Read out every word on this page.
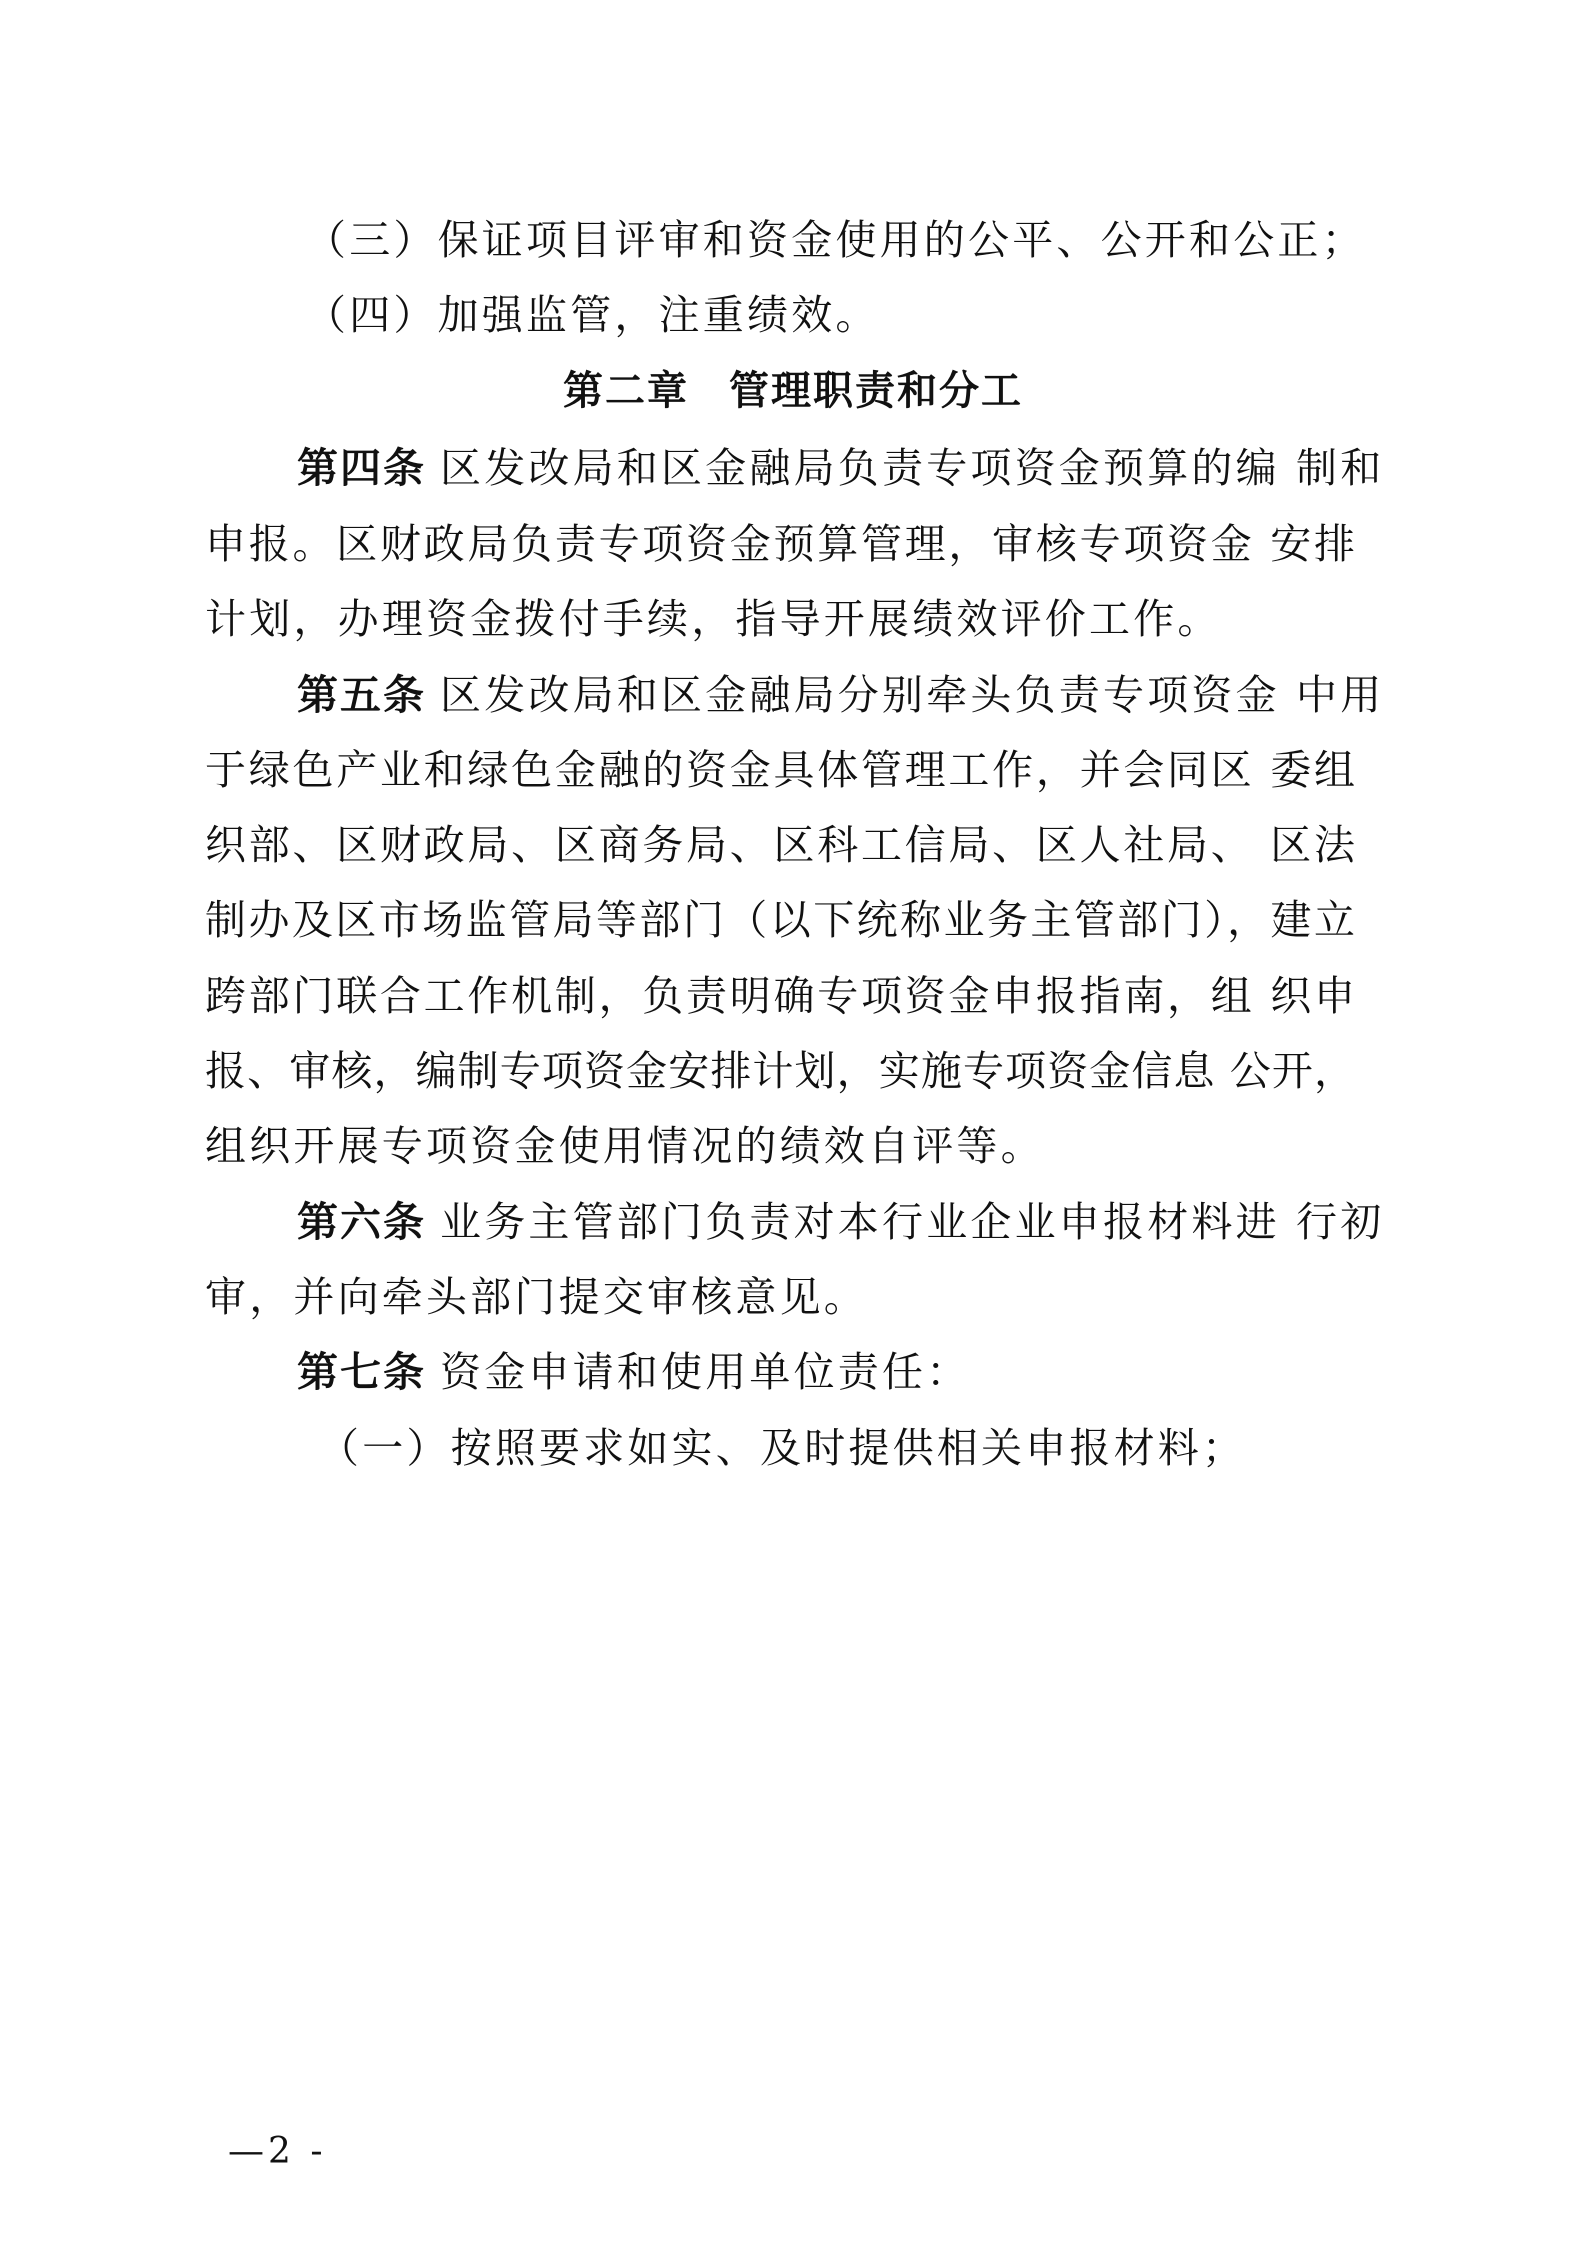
（三）保证项目评审和资金使用的公平、公开和公正；
（四）加强监管，注重绩效。
第二章 管理职责和分工
第四条 区发改局和区金融局负责专项资金预算的编 制和
申报。区财政局负责专项资金预算管理，审核专项资金 安排
计划，办理资金拨付手续，指导开展绩效评价工作。
第五条 区发改局和区金融局分别牵头负责专项资金 中用
于绿色产业和绿色金融的资金具体管理工作，并会同区 委组
织部、区财政局、区商务局、区科工信局、区人社局、 区法
制办及区市场监管局等部门（以下统称业务主管部门），建立
跨部门联合工作机制，负责明确专项资金申报指南，组 织申
报、审核，编制专项资金安排计划，实施专项资金信息 公开，
组织开展专项资金使用情况的绩效自评等。
第六条 业务主管部门负责对本行业企业申报材料进 行初
审，并向牵头部门提交审核意见。
第七条 资金申请和使用单位责任：
（一）按照要求如实、及时提供相关申报材料；
—2 -
